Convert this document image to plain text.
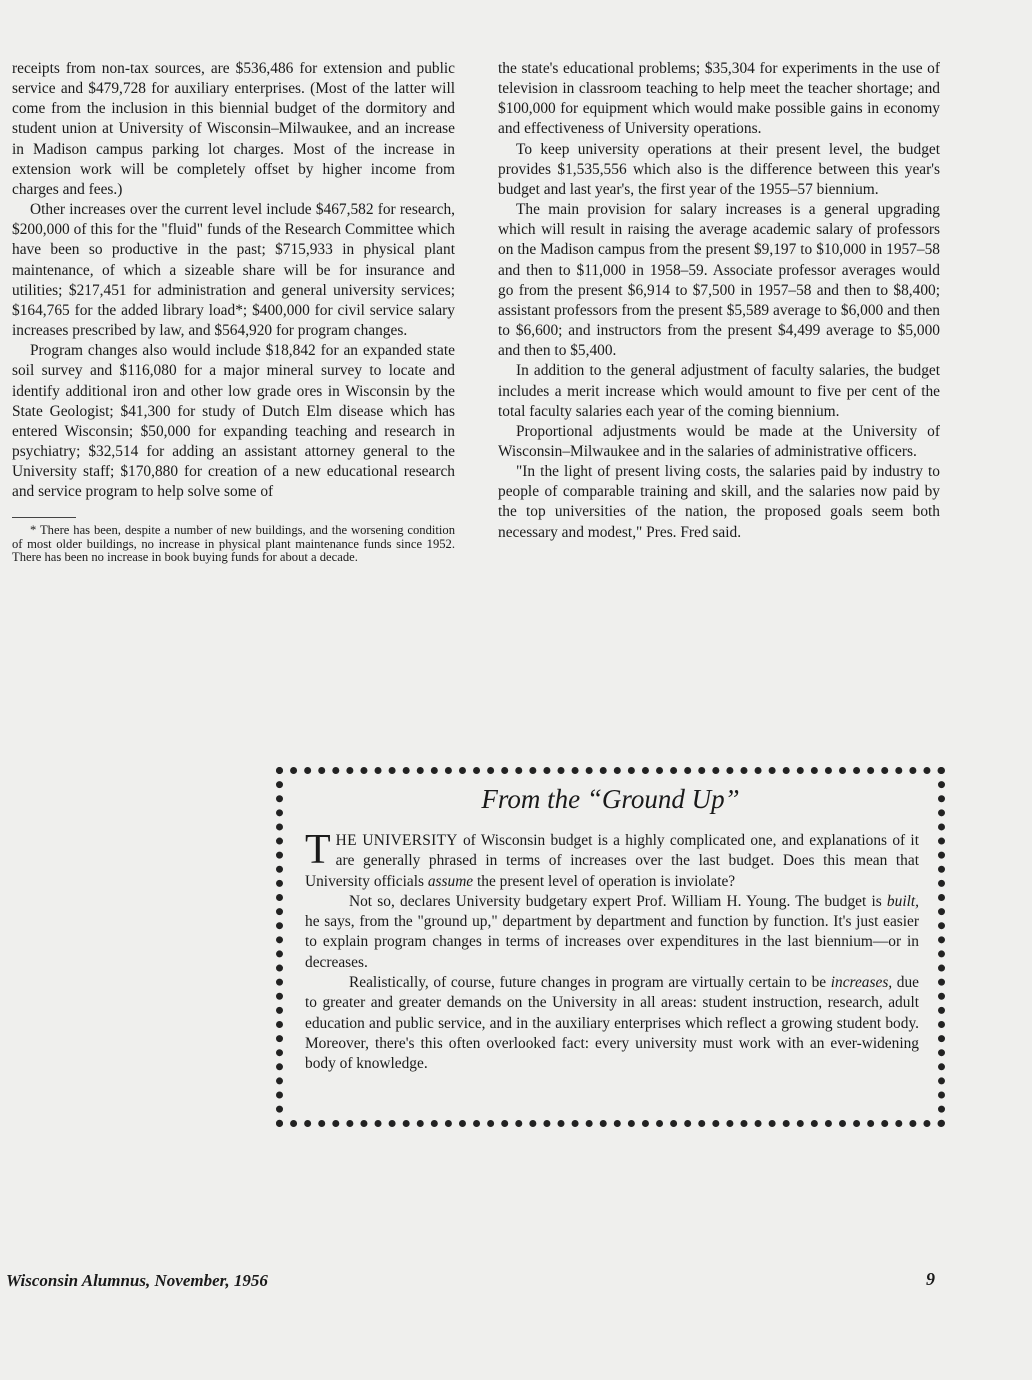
receipts from non-tax sources, are $536,486 for extension and public service and $479,728 for auxiliary enterprises. (Most of the latter will come from the inclusion in this biennial budget of the dormitory and student union at University of Wisconsin–Milwaukee, and an increase in Madison campus parking lot charges. Most of the increase in extension work will be completely offset by higher income from charges and fees.)

Other increases over the current level include $467,582 for research, $200,000 of this for the "fluid" funds of the Research Committee which have been so productive in the past; $715,933 in physical plant maintenance, of which a sizeable share will be for insurance and utilities; $217,451 for administration and general university services; $164,765 for the added library load*; $400,000 for civil service salary increases prescribed by law, and $564,920 for program changes.

Program changes also would include $18,842 for an expanded state soil survey and $116,080 for a major mineral survey to locate and identify additional iron and other low grade ores in Wisconsin by the State Geologist; $41,300 for study of Dutch Elm disease which has entered Wisconsin; $50,000 for expanding teaching and research in psychiatry; $32,514 for adding an assistant attorney general to the University staff; $170,880 for creation of a new educational research and service program to help solve some of

* There has been, despite a number of new buildings, and the worsening condition of most older buildings, no increase in physical plant maintenance funds since 1952. There has been no increase in book buying funds for about a decade.

the state's educational problems; $35,304 for experiments in the use of television in classroom teaching to help meet the teacher shortage; and $100,000 for equipment which would make possible gains in economy and effectiveness of University operations.

To keep university operations at their present level, the budget provides $1,535,556 which also is the difference between this year's budget and last year's, the first year of the 1955–57 biennium.

The main provision for salary increases is a general upgrading which will result in raising the average academic salary of professors on the Madison campus from the present $9,197 to $10,000 in 1957–58 and then to $11,000 in 1958–59. Associate professor averages would go from the present $6,914 to $7,500 in 1957–58 and then to $8,400; assistant professors from the present $5,589 average to $6,000 and then to $6,600; and instructors from the present $4,499 average to $5,000 and then to $5,400.

In addition to the general adjustment of faculty salaries, the budget includes a merit increase which would amount to five per cent of the total faculty salaries each year of the coming biennium.

Proportional adjustments would be made at the University of Wisconsin–Milwaukee and in the salaries of administrative officers.

"In the light of present living costs, the salaries paid by industry to people of comparable training and skill, and the salaries now paid by the top universities of the nation, the proposed goals seem both necessary and modest," Pres. Fred said.

From the “Ground Up”

THE UNIVERSITY of Wisconsin budget is a highly complicated one, and explanations of it are generally phrased in terms of increases over the last budget. Does this mean that University officials assume the present level of operation is inviolate?

Not so, declares University budgetary expert Prof. William H. Young. The budget is built, he says, from the "ground up," department by department and function by function. It's just easier to explain program changes in terms of increases over expenditures in the last biennium—or in decreases.

Realistically, of course, future changes in program are virtually certain to be increases, due to greater and greater demands on the University in all areas: student instruction, research, adult education and public service, and in the auxiliary enterprises which reflect a growing student body. Moreover, there's this often overlooked fact: every university must work with an ever-widening body of knowledge.

Wisconsin Alumnus, November, 1956	9
